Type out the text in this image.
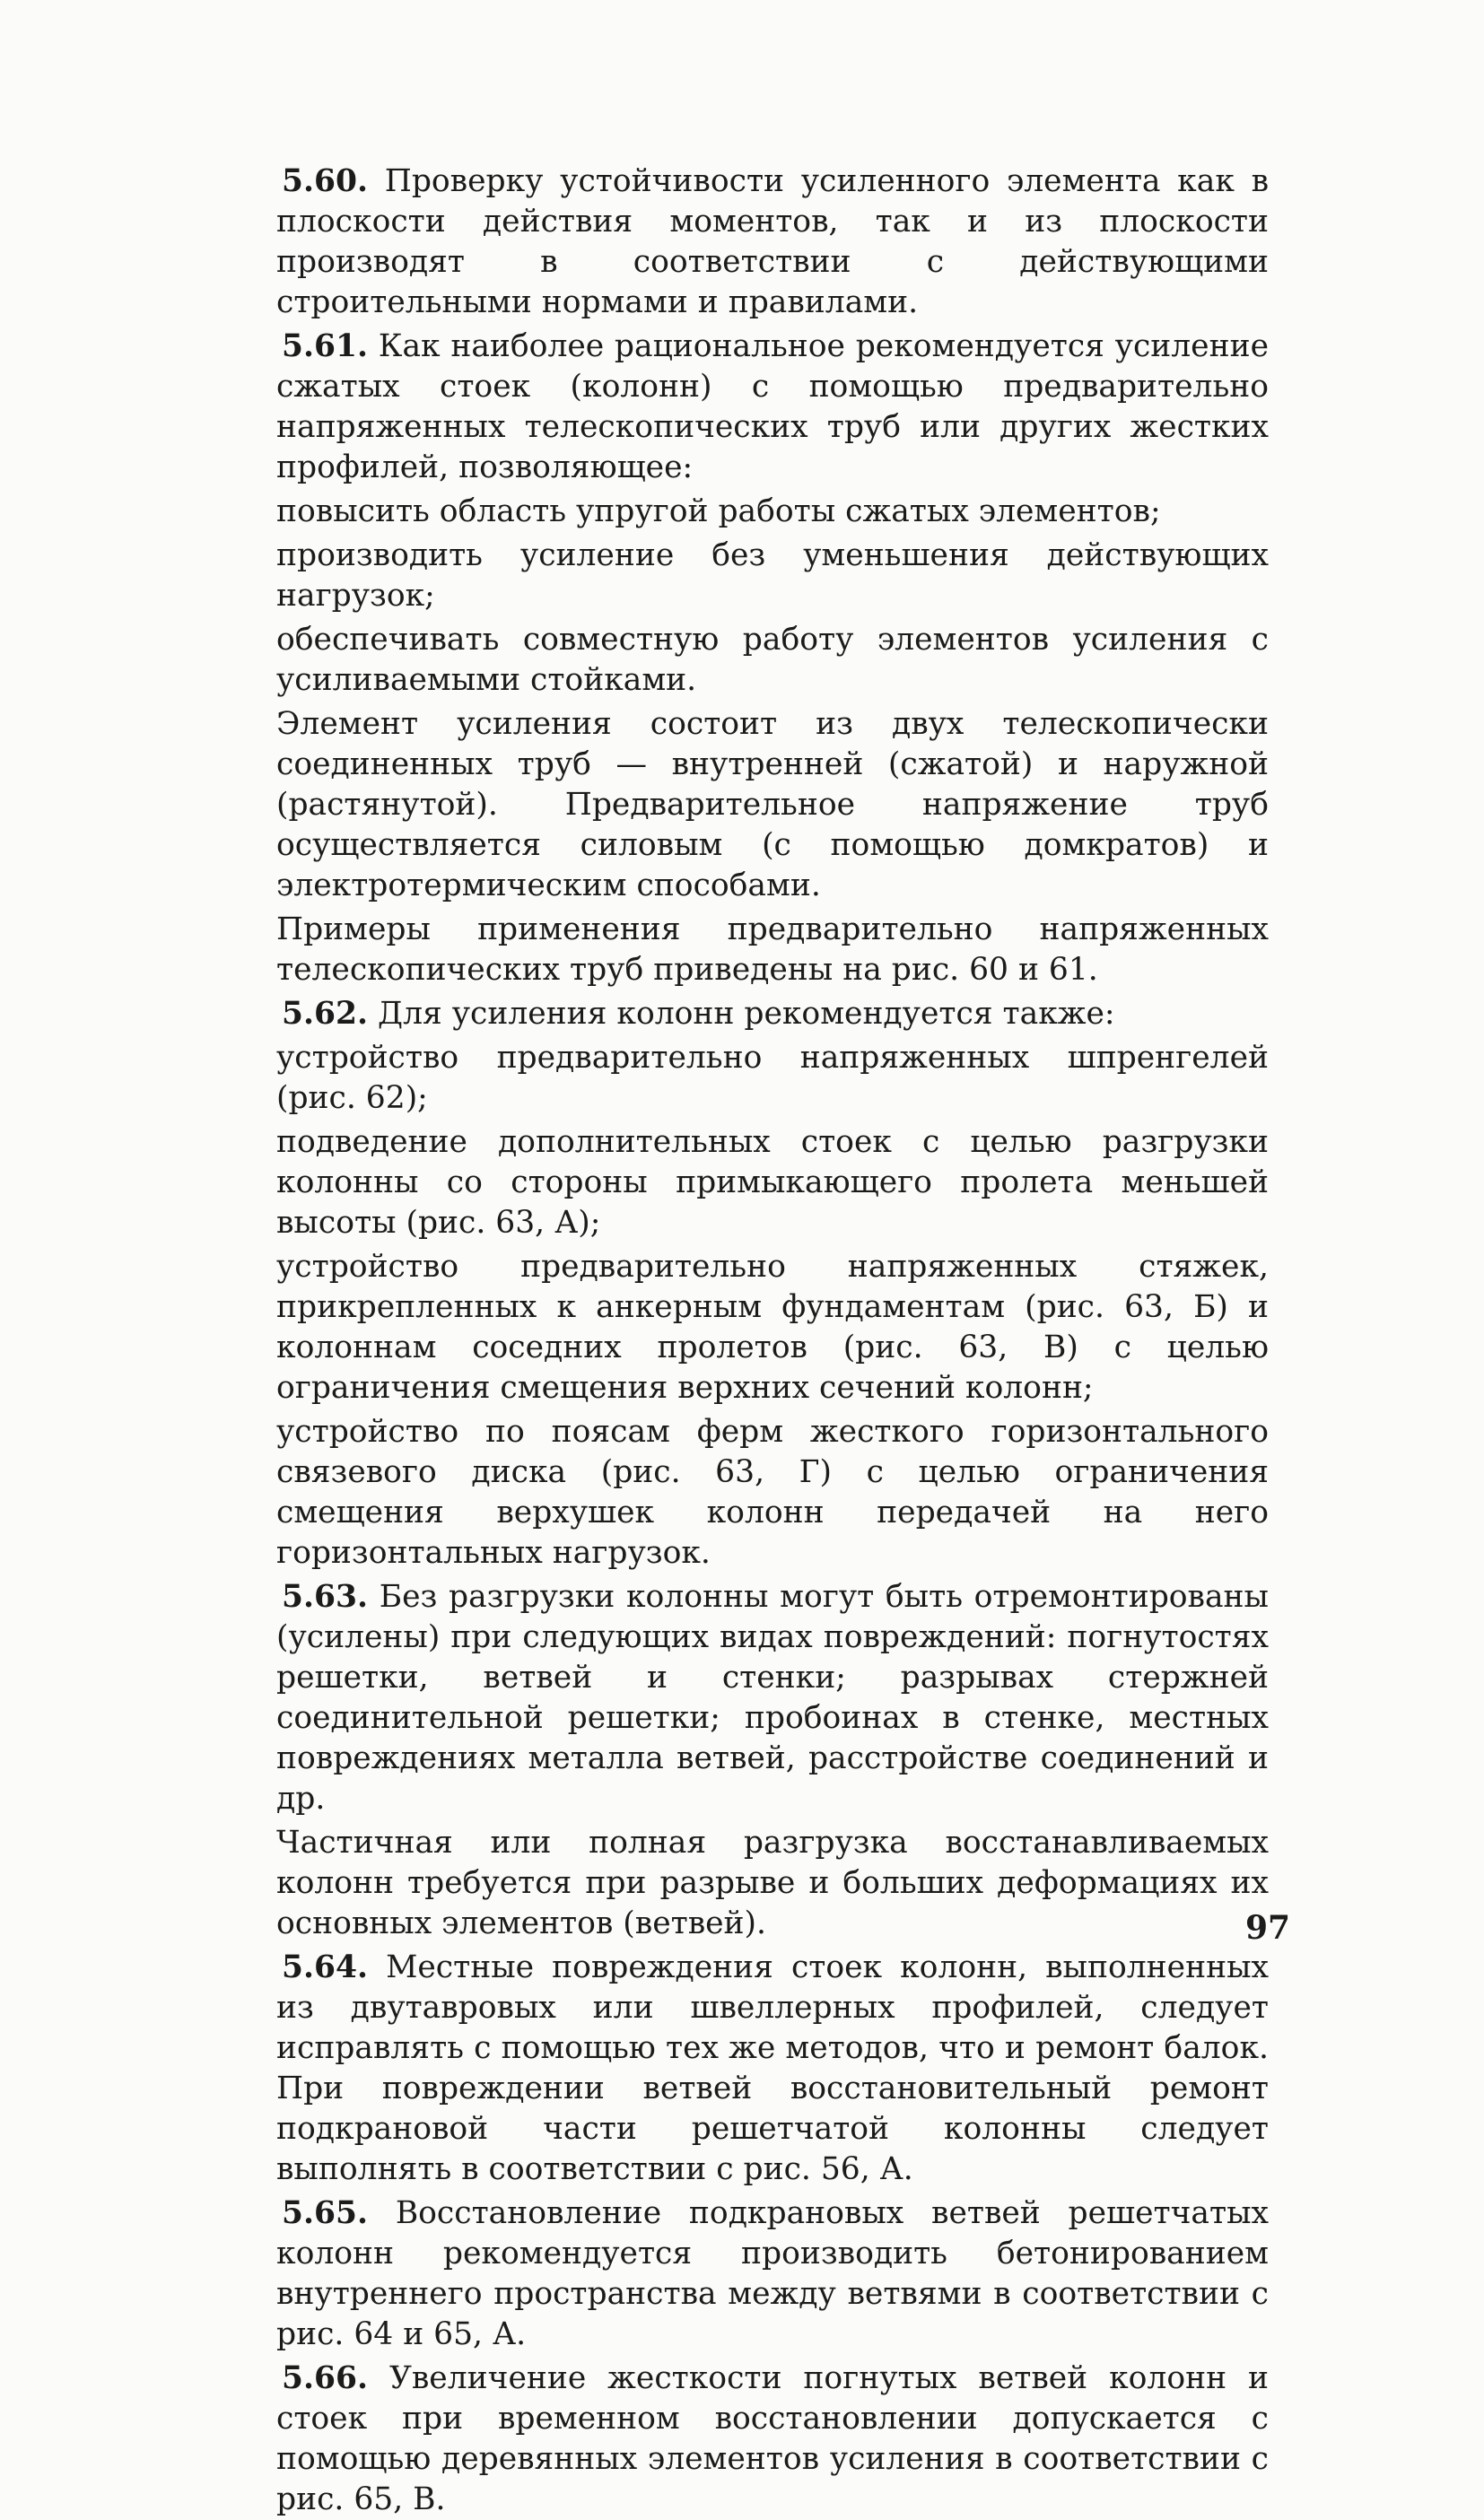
5.60. Проверку устойчивости усиленного элемента как в плоскости действия моментов, так и из плоскости производят в соответствии с действующими строительными нормами и правилами.

5.61. Как наиболее рациональное рекомендуется усиление сжатых стоек (колонн) с помощью предварительно напряженных телескопических труб или других жестких профилей, позволяющее:

повысить область упругой работы сжатых элементов;

производить усиление без уменьшения действующих нагрузок;

обеспечивать совместную работу элементов усиления с усиливаемыми стойками.

Элемент усиления состоит из двух телескопически соединенных труб — внутренней (сжатой) и наружной (растянутой). Предварительное напряжение труб осуществляется силовым (с помощью домкратов) и электротермическим способами.

Примеры применения предварительно напряженных телескопических труб приведены на рис. 60 и 61.

5.62. Для усиления колонн рекомендуется также:

устройство предварительно напряженных шпренгелей (рис. 62);

подведение дополнительных стоек с целью разгрузки колонны со стороны примыкающего пролета меньшей высоты (рис. 63, А);

устройство предварительно напряженных стяжек, прикрепленных к анкерным фундаментам (рис. 63, Б) и колоннам соседних пролетов (рис. 63, В) с целью ограничения смещения верхних сечений колонн;

устройство по поясам ферм жесткого горизонтального связевого диска (рис. 63, Г) с целью ограничения смещения верхушек колонн передачей на него горизонтальных нагрузок.

5.63. Без разгрузки колонны могут быть отремонтированы (усилены) при следующих видах повреждений: погнутостях решетки, ветвей и стенки; разрывах стержней соединительной решетки; пробоинах в стенке, местных повреждениях металла ветвей, расстройстве соединений и др.

Частичная или полная разгрузка восстанавливаемых колонн требуется при разрыве и больших деформациях их основных элементов (ветвей).

5.64. Местные повреждения стоек колонн, выполненных из двутавровых или швеллерных профилей, следует исправлять с помощью тех же методов, что и ремонт балок. При повреждении ветвей восстановительный ремонт подкрановой части решетчатой колонны следует выполнять в соответствии с рис. 56, А.

5.65. Восстановление подкрановых ветвей решетчатых колонн рекомендуется производить бетонированием внутреннего пространства между ветвями в соответствии с рис. 64 и 65, А.

5.66. Увеличение жесткости погнутых ветвей колонн и стоек при временном восстановлении допускается с помощью деревянных элементов усиления в соответствии с рис. 65, В.

97
